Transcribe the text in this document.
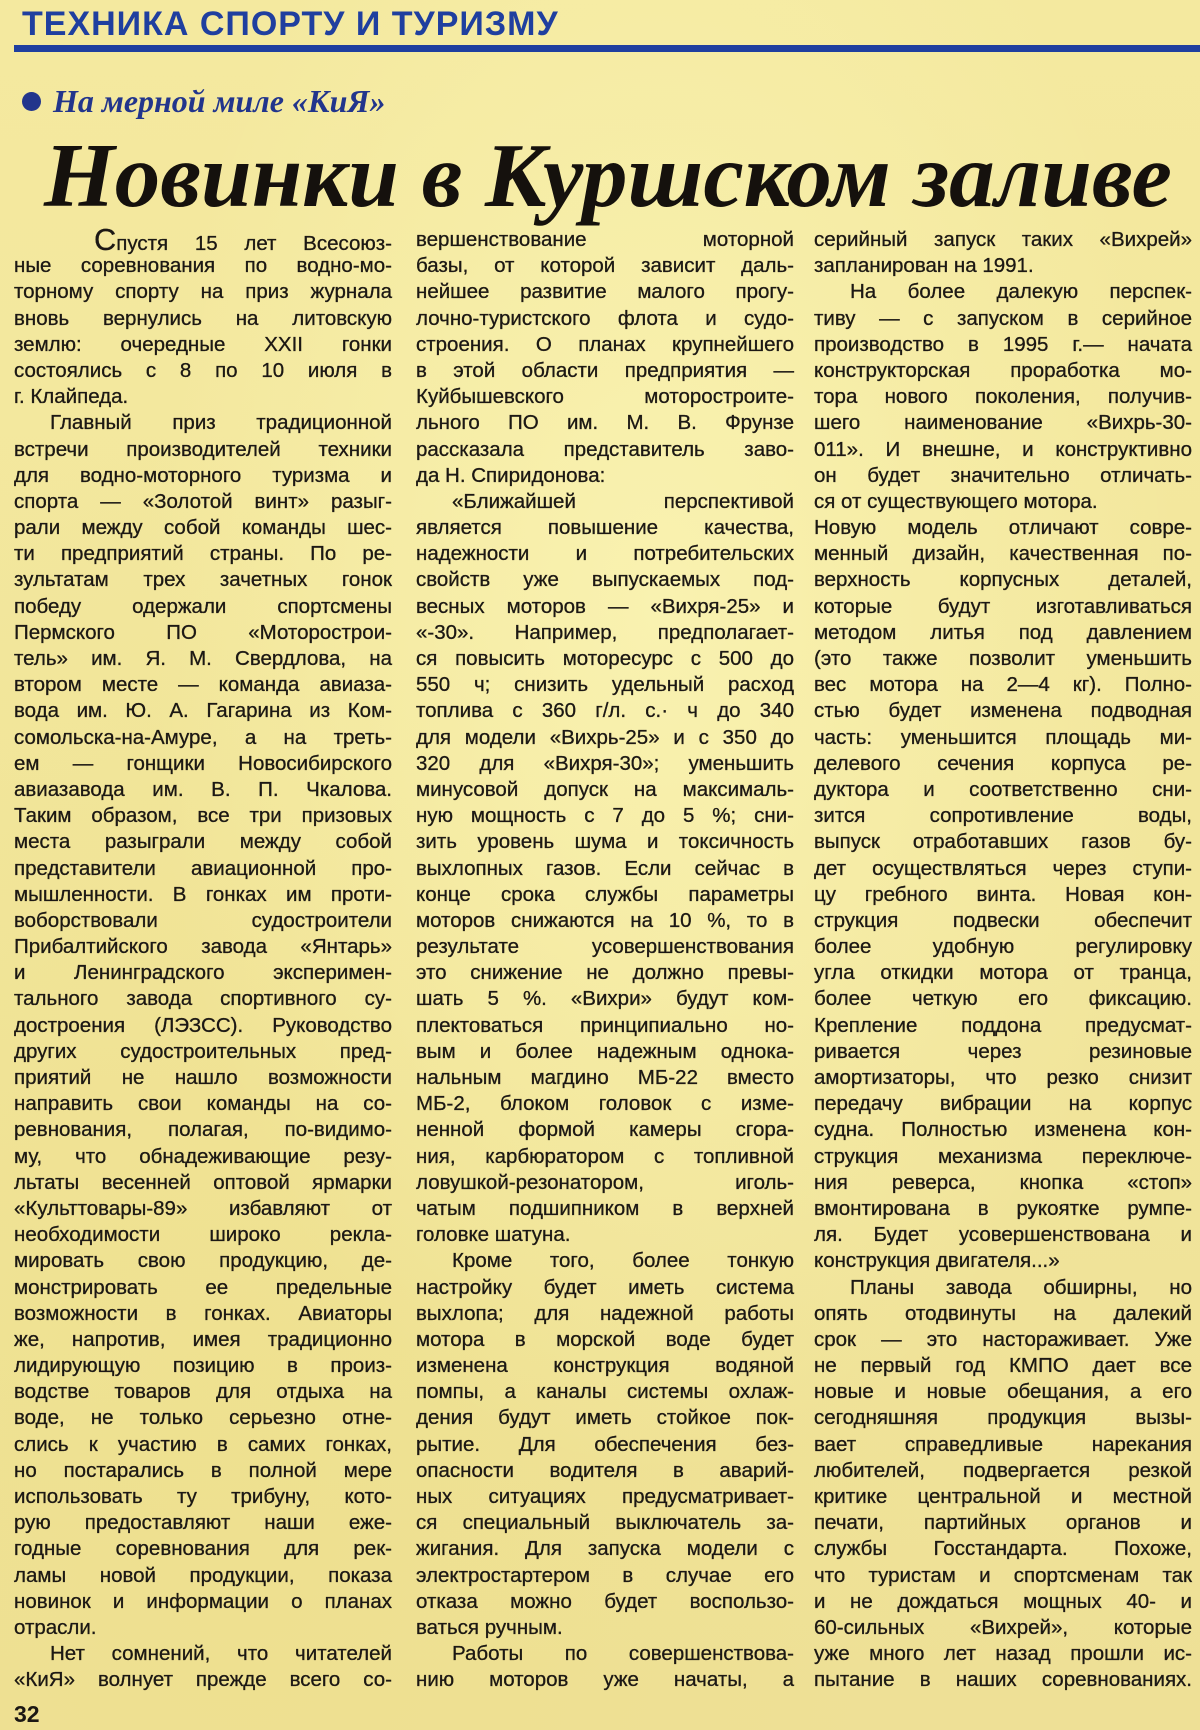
ТЕХНИКА СПОРТУ И ТУРИЗМУ
На мерной миле «КиЯ»
Новинки в Куршском заливе
Спустя 15 лет Всесоюз-
ные соревнования по водно-мо-
торному спорту на приз журнала
вновь вернулись на литовскую
землю: очередные XXII гонки
состоялись с 8 по 10 июля в
г. Клайпеда.
Главный приз традиционной
встречи производителей техники
для водно-моторного туризма и
спорта — «Золотой винт» разыг-
рали между собой команды шес-
ти предприятий страны. По ре-
зультатам трех зачетных гонок
победу одержали спортсмены
Пермского ПО «Моторострои-
тель» им. Я. М. Свердлова, на
втором месте — команда авиаза-
вода им. Ю. А. Гагарина из Ком-
сомольска-на-Амуре, а на треть-
ем — гонщики Новосибирского
авиазавода им. В. П. Чкалова.
Таким образом, все три призовых
места разыграли между собой
представители авиационной про-
мышленности. В гонках им проти-
воборствовали судостроители
Прибалтийского завода «Янтарь»
и Ленинградского эксперимен-
тального завода спортивного су-
достроения (ЛЭЗСС). Руководство
других судостроительных пред-
приятий не нашло возможности
направить свои команды на со-
ревнования, полагая, по-видимо-
му, что обнадеживающие резу-
льтаты весенней оптовой ярмарки
«Культтовары-89» избавляют от
необходимости широко рекла-
мировать свою продукцию, де-
монстрировать ее предельные
возможности в гонках. Авиаторы
же, напротив, имея традиционно
лидирующую позицию в произ-
водстве товаров для отдыха на
воде, не только серьезно отне-
слись к участию в самих гонках,
но постарались в полной мере
использовать ту трибуну, кото-
рую предоставляют наши еже-
годные соревнования для рек-
ламы новой продукции, показа
новинок и информации о планах
отрасли.
Нет сомнений, что читателей
«КиЯ» волнует прежде всего со-
вершенствование моторной
базы, от которой зависит даль-
нейшее развитие малого прогу-
лочно-туристского флота и судо-
строения. О планах крупнейшего
в этой области предприятия —
Куйбышевского моторостроите-
льного ПО им. М. В. Фрунзе
рассказала представитель заво-
да Н. Спиридонова:
«Ближайшей перспективой
является повышение качества,
надежности и потребительских
свойств уже выпускаемых под-
весных моторов — «Вихря-25» и
«-30». Например, предполагает-
ся повысить моторесурс с 500 до
550 ч; снизить удельный расход
топлива с 360 г/л. с.· ч до 340
для модели «Вихрь-25» и с 350 до
320 для «Вихря-30»; уменьшить
минусовой допуск на максималь-
ную мощность с 7 до 5 %; сни-
зить уровень шума и токсичность
выхлопных газов. Если сейчас в
конце срока службы параметры
моторов снижаются на 10 %, то в
результате усовершенствования
это снижение не должно превы-
шать 5 %. «Вихри» будут ком-
плектоваться принципиально но-
вым и более надежным однока-
нальным магдино МБ-22 вместо
МБ-2, блоком головок с изме-
ненной формой камеры сгора-
ния, карбюратором с топливной
ловушкой-резонатором, иголь-
чатым подшипником в верхней
головке шатуна.
Кроме того, более тонкую
настройку будет иметь система
выхлопа; для надежной работы
мотора в морской воде будет
изменена конструкция водяной
помпы, а каналы системы охлаж-
дения будут иметь стойкое пок-
рытие. Для обеспечения без-
опасности водителя в аварий-
ных ситуациях предусматривает-
ся специальный выключатель за-
жигания. Для запуска модели с
электростартером в случае его
отказа можно будет воспользо-
ваться ручным.
Работы по совершенствова-
нию моторов уже начаты, а
серийный запуск таких «Вихрей»
запланирован на 1991.
На более далекую перспек-
тиву — с запуском в серийное
производство в 1995 г.— начата
конструкторская проработка мо-
тора нового поколения, получив-
шего наименование «Вихрь-30-
011». И внешне, и конструктивно
он будет значительно отличать-
ся от существующего мотора.
Новую модель отличают совре-
менный дизайн, качественная по-
верхность корпусных деталей,
которые будут изготавливаться
методом литья под давлением
(это также позволит уменьшить
вес мотора на 2—4 кг). Полно-
стью будет изменена подводная
часть: уменьшится площадь ми-
делевого сечения корпуса ре-
дуктора и соответственно сни-
зится сопротивление воды,
выпуск отработавших газов бу-
дет осуществляться через ступи-
цу гребного винта. Новая кон-
струкция подвески обеспечит
более удобную регулировку
угла откидки мотора от транца,
более четкую его фиксацию.
Крепление поддона предусмат-
ривается через резиновые
амортизаторы, что резко снизит
передачу вибрации на корпус
судна. Полностью изменена кон-
струкция механизма переключе-
ния реверса, кнопка «стоп»
вмонтирована в рукоятке румпе-
ля. Будет усовершенствована и
конструкция двигателя...»
Планы завода обширны, но
опять отодвинуты на далекий
срок — это настораживает. Уже
не первый год КМПО дает все
новые и новые обещания, а его
сегодняшняя продукция вызы-
вает справедливые нарекания
любителей, подвергается резкой
критике центральной и местной
печати, партийных органов и
службы Госстандарта. Похоже,
что туристам и спортсменам так
и не дождаться мощных 40- и
60-сильных «Вихрей», которые
уже много лет назад прошли ис-
пытание в наших соревнованиях.
32
